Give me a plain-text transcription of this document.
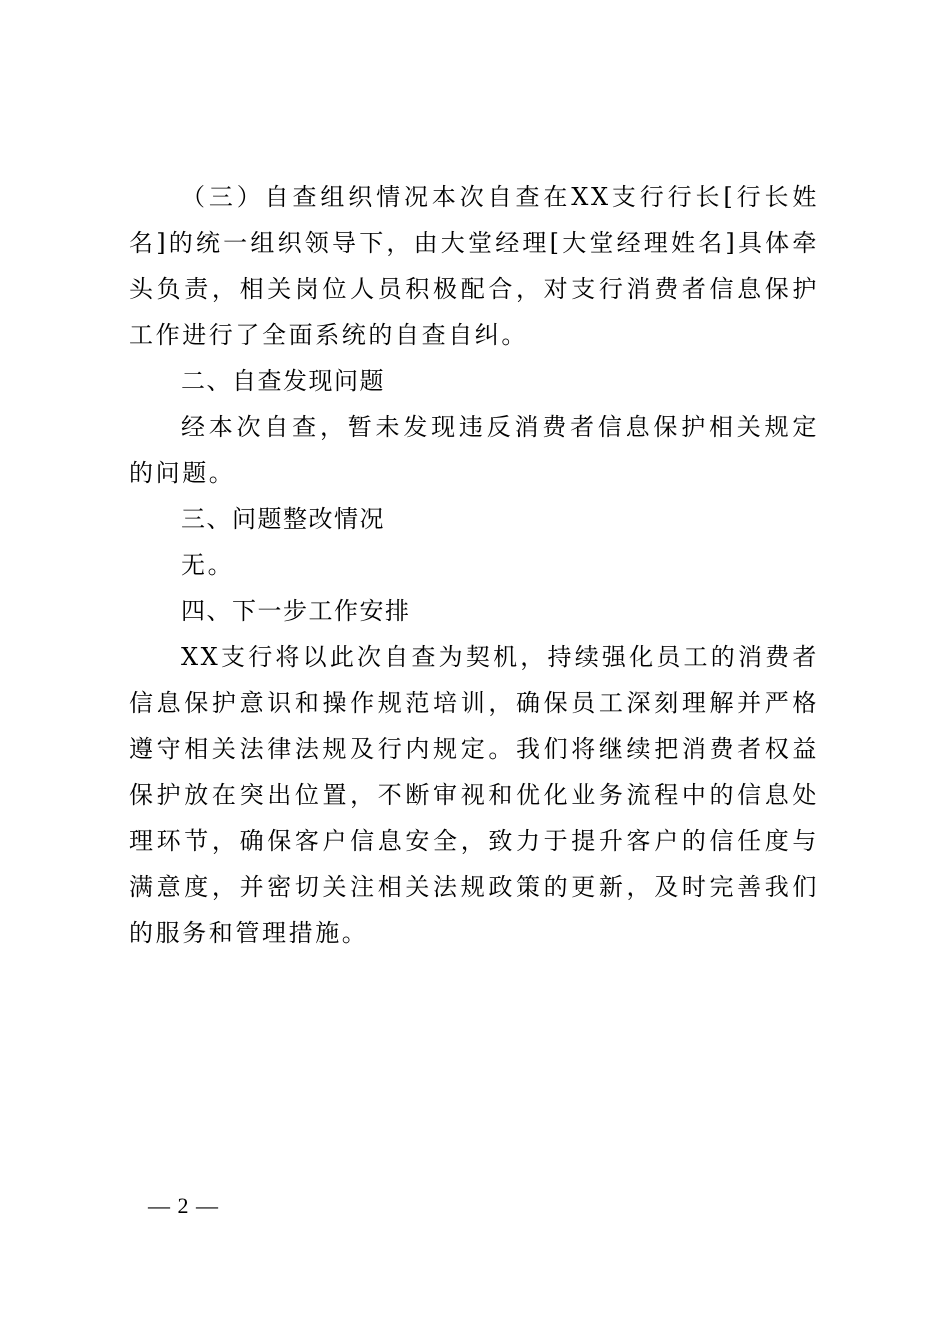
（三）自查组织情况本次自查在XX支行行长[行长姓名]的统一组织领导下，由大堂经理[大堂经理姓名]具体牵头负责，相关岗位人员积极配合，对支行消费者信息保护工作进行了全面系统的自查自纠。

二、自查发现问题

经本次自查，暂未发现违反消费者信息保护相关规定的问题。

三、问题整改情况

无。

四、下一步工作安排

XX支行将以此次自查为契机，持续强化员工的消费者信息保护意识和操作规范培训，确保员工深刻理解并严格遵守相关法律法规及行内规定。我们将继续把消费者权益保护放在突出位置，不断审视和优化业务流程中的信息处理环节，确保客户信息安全，致力于提升客户的信任度与满意度，并密切关注相关法规政策的更新，及时完善我们的服务和管理措施。

— 2 —
